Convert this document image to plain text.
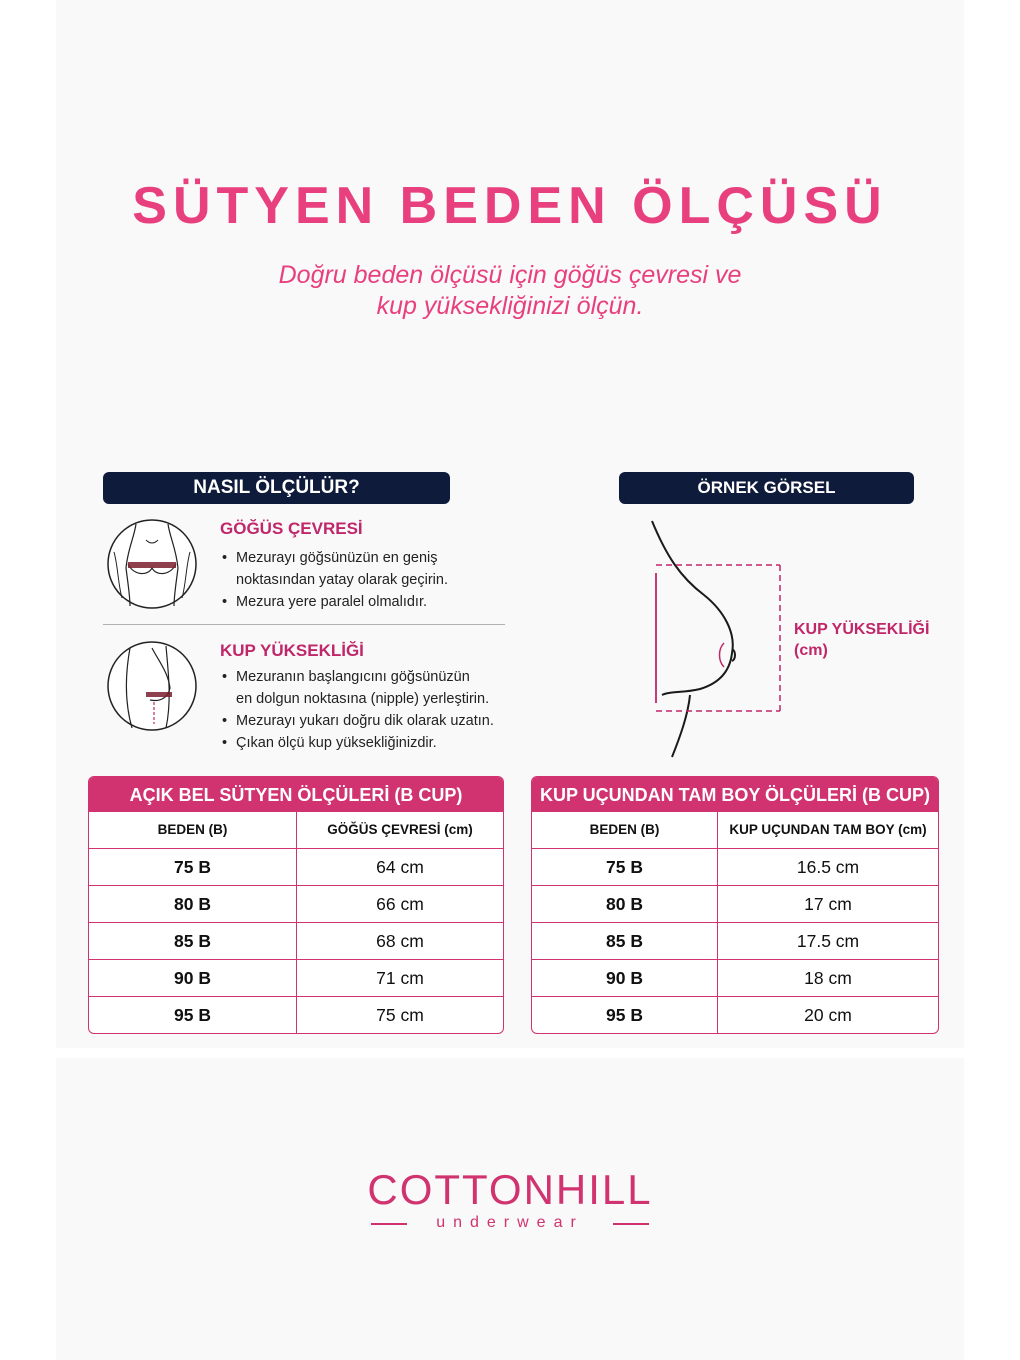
SÜTYEN BEDEN ÖLÇÜSÜ
Doğru beden ölçüsü için göğüs çevresi ve
kup yüksekliğinizi ölçün.
NASIL ÖLÇÜLÜR?	ÖRNEK GÖRSEL
GÖĞÜS ÇEVRESİ
• Mezurayı göğsünüzün en geniş
noktasından yatay olarak geçirin.
• Mezura yere paralel olmalıdır.
KUP YÜKSEKLİĞİ
• Mezuranın başlangıcını göğsünüzün
en dolgun noktasına (nipple) yerleştirin.
• Mezurayı yukarı doğru dik olarak uzatın.
• Çıkan ölçü kup yüksekliğinizdir.
KUP YÜKSEKLİĞİ
(cm)
AÇIK BEL SÜTYEN ÖLÇÜLERİ (B CUP)
BEDEN (B)	GÖĞÜS ÇEVRESİ (cm)
75 B	64 cm
80 B	66 cm
85 B	68 cm
90 B	71 cm
95 B	75 cm
KUP UÇUNDAN TAM BOY ÖLÇÜLERİ (B CUP)
BEDEN (B)	KUP UÇUNDAN TAM BOY (cm)
75 B	16.5 cm
80 B	17 cm
85 B	17.5 cm
90 B	18 cm
95 B	20 cm
COTTONHILL
underwear
